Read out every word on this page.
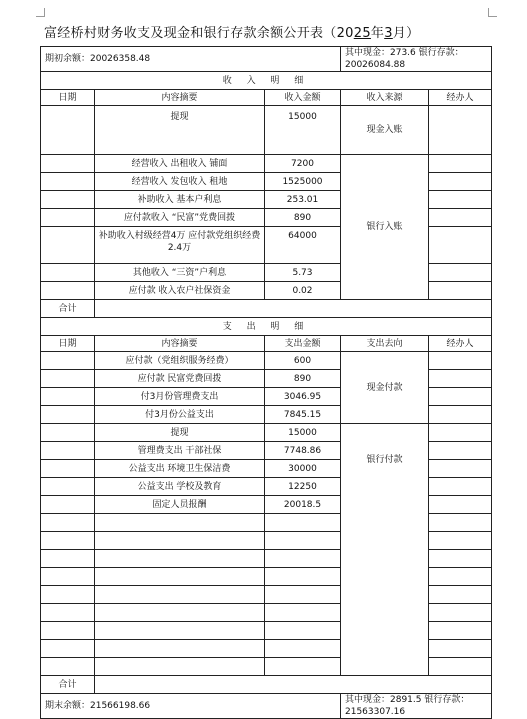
富经桥村财务收支及现金和银行存款余额公开表（2025年3月）
期初余额：20026358.48			其中现金：273.6 银行存款：20026084.88	
收 入 明 细				
日期	内容摘要	收入金额	收入来源	经办人
	提现	15000	现金入账	
	经营收入 出租收入 铺面	7200	银行入账	
	经营收入 发包收入 租地	1525000		
	补助收入 基本户利息	253.01		
	应付款收入 “民富”党费回拨	890		
	补助收入村级经营4万 应付款党组织经费2.4万	64000		
	其他收入 “三资”户利息	5.73		
	应付款 收入农户社保资金	0.02		
合计				
支 出 明 细				
日期	内容摘要	支出金额	支出去向	经办人
	应付款（党组织服务经费）	600	现金付款	
	应付款 民富党费回拨	890		
	付3月份管理费支出	3046.95		
	付3月份公益支出	7845.15		
	提现	15000	银行付款	
	管理费支出 干部社保	7748.86		
	公益支出 环境卫生保洁费	30000		
	公益支出 学校及教育	12250		
	固定人员报酬	20018.5		

合计				
期末余额：21566198.66			其中现金：2891.5 银行存款：21563307.16	
